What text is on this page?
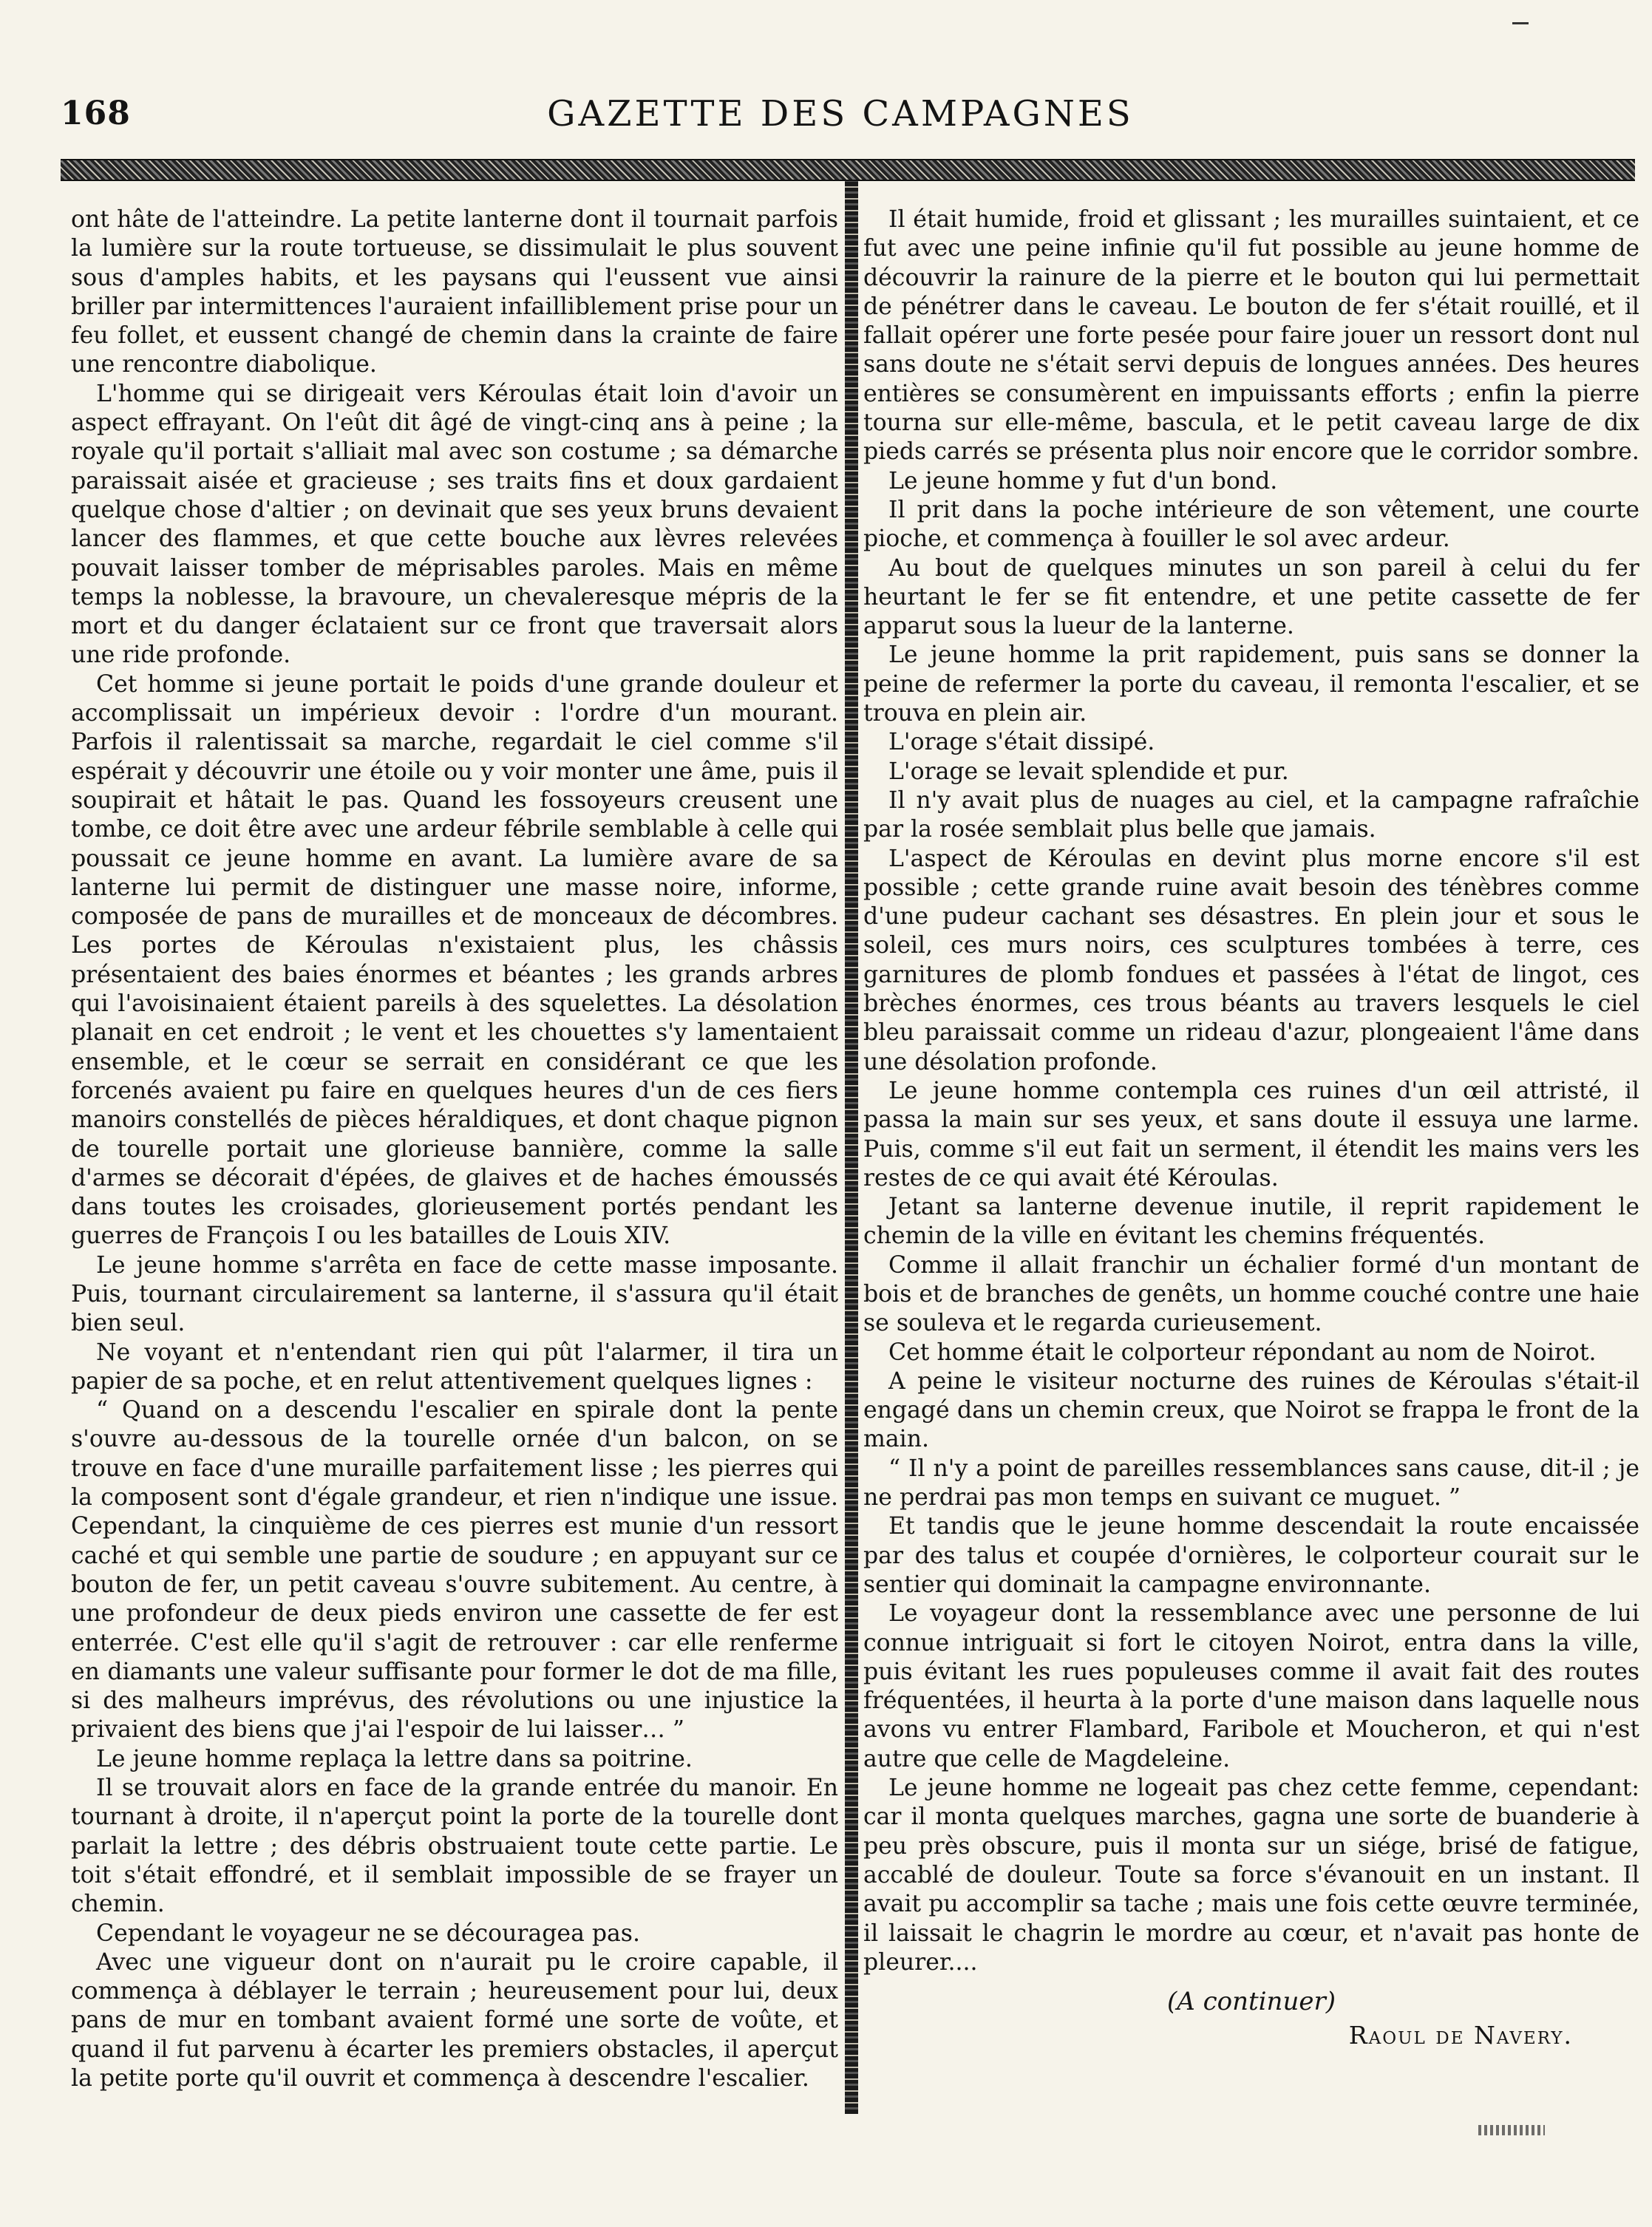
168	GAZETTE DES CAMPAGNES

ont hâte de l'atteindre. La petite lanterne dont il tournait parfois la lumière sur la route tortueuse, se dissimulait le plus souvent sous d'amples habits, et les paysans qui l'eussent vue ainsi briller par intermittences l'auraient infailliblement prise pour un feu follet, et eussent changé de chemin dans la crainte de faire une rencontre diabolique.

L'homme qui se dirigeait vers Kéroulas était loin d'avoir un aspect effrayant. On l'eût dit âgé de vingt-cinq ans à peine ; la royale qu'il portait s'alliait mal avec son costume ; sa démarche paraissait aisée et gracieuse ; ses traits fins et doux gardaient quelque chose d'altier ; on devinait que ses yeux bruns devaient lancer des flammes, et que cette bouche aux lèvres relevées pouvait laisser tomber de méprisables paroles. Mais en même temps la noblesse, la bravoure, un chevaleresque mépris de la mort et du danger éclataient sur ce front que traversait alors une ride profonde.

Cet homme si jeune portait le poids d'une grande douleur et accomplissait un impérieux devoir : l'ordre d'un mourant. Parfois il ralentissait sa marche, regardait le ciel comme s'il espérait y découvrir une étoile ou y voir monter une âme, puis il soupirait et hâtait le pas. Quand les fossoyeurs creusent une tombe, ce doit être avec une ardeur fébrile semblable à celle qui poussait ce jeune homme en avant. La lumière avare de sa lanterne lui permit de distinguer une masse noire, informe, composée de pans de murailles et de monceaux de décombres. Les portes de Kéroulas n'existaient plus, les châssis présentaient des baies énormes et béantes ; les grands arbres qui l'avoisinaient étaient pareils à des squelettes. La désolation planait en cet endroit ; le vent et les chouettes s'y lamentaient ensemble, et le cœur se serrait en considérant ce que les forcenés avaient pu faire en quelques heures d'un de ces fiers manoirs constellés de pièces héraldiques, et dont chaque pignon de tourelle portait une glorieuse bannière, comme la salle d'armes se décorait d'épées, de glaives et de haches émoussés dans toutes les croisades, glorieusement portés pendant les guerres de François I ou les batailles de Louis XIV.

Le jeune homme s'arrêta en face de cette masse imposante. Puis, tournant circulairement sa lanterne, il s'assura qu'il était bien seul.

Ne voyant et n'entendant rien qui pût l'alarmer, il tira un papier de sa poche, et en relut attentivement quelques lignes :

“ Quand on a descendu l'escalier en spirale dont la pente s'ouvre au-dessous de la tourelle ornée d'un balcon, on se trouve en face d'une muraille parfaitement lisse ; les pierres qui la composent sont d'égale grandeur, et rien n'indique une issue. Cependant, la cinquième de ces pierres est munie d'un ressort caché et qui semble une partie de soudure ; en appuyant sur ce bouton de fer, un petit caveau s'ouvre subitement. Au centre, à une profondeur de deux pieds environ une cassette de fer est enterrée. C'est elle qu'il s'agit de retrouver : car elle renferme en diamants une valeur suffisante pour former le dot de ma fille, si des malheurs imprévus, des révolutions ou une injustice la privaient des biens que j'ai l'espoir de lui laisser… ”

Le jeune homme replaça la lettre dans sa poitrine.

Il se trouvait alors en face de la grande entrée du manoir. En tournant à droite, il n'aperçut point la porte de la tourelle dont parlait la lettre ; des débris obstruaient toute cette partie. Le toit s'était effondré, et il semblait impossible de se frayer un chemin.

Cependant le voyageur ne se découragea pas.

Avec une vigueur dont on n'aurait pu le croire capable, il commença à déblayer le terrain ; heureusement pour lui, deux pans de mur en tombant avaient formé une sorte de voûte, et quand il fut parvenu à écarter les premiers obstacles, il aperçut la petite porte qu'il ouvrit et commença à descendre l'escalier.

Il était humide, froid et glissant ; les murailles suintaient, et ce fut avec une peine infinie qu'il fut possible au jeune homme de découvrir la rainure de la pierre et le bouton qui lui permettait de pénétrer dans le caveau. Le bouton de fer s'était rouillé, et il fallait opérer une forte pesée pour faire jouer un ressort dont nul sans doute ne s'était servi depuis de longues années. Des heures entières se consumèrent en impuissants efforts ; enfin la pierre tourna sur elle-même, bascula, et le petit caveau large de dix pieds carrés se présenta plus noir encore que le corridor sombre.

Le jeune homme y fut d'un bond.

Il prit dans la poche intérieure de son vêtement, une courte pioche, et commença à fouiller le sol avec ardeur.

Au bout de quelques minutes un son pareil à celui du fer heurtant le fer se fit entendre, et une petite cassette de fer apparut sous la lueur de la lanterne.

Le jeune homme la prit rapidement, puis sans se donner la peine de refermer la porte du caveau, il remonta l'escalier, et se trouva en plein air.

L'orage s'était dissipé.

L'orage se levait splendide et pur.

Il n'y avait plus de nuages au ciel, et la campagne rafraîchie par la rosée semblait plus belle que jamais.

L'aspect de Kéroulas en devint plus morne encore s'il est possible ; cette grande ruine avait besoin des ténèbres comme d'une pudeur cachant ses désastres. En plein jour et sous le soleil, ces murs noirs, ces sculptures tombées à terre, ces garnitures de plomb fondues et passées à l'état de lingot, ces brèches énormes, ces trous béants au travers lesquels le ciel bleu paraissait comme un rideau d'azur, plongeaient l'âme dans une désolation profonde.

Le jeune homme contempla ces ruines d'un œil attristé, il passa la main sur ses yeux, et sans doute il essuya une larme. Puis, comme s'il eut fait un serment, il étendit les mains vers les restes de ce qui avait été Kéroulas.

Jetant sa lanterne devenue inutile, il reprit rapidement le chemin de la ville en évitant les chemins fréquentés.

Comme il allait franchir un échalier formé d'un montant de bois et de branches de genêts, un homme couché contre une haie se souleva et le regarda curieusement.

Cet homme était le colporteur répondant au nom de Noirot.

A peine le visiteur nocturne des ruines de Kéroulas s'était-il engagé dans un chemin creux, que Noirot se frappa le front de la main.

“ Il n'y a point de pareilles ressemblances sans cause, dit-il ; je ne perdrai pas mon temps en suivant ce muguet. ”

Et tandis que le jeune homme descendait la route encaissée par des talus et coupée d'ornières, le colporteur courait sur le sentier qui dominait la campagne environnante.

Le voyageur dont la ressemblance avec une personne de lui connue intriguait si fort le citoyen Noirot, entra dans la ville, puis évitant les rues populeuses comme il avait fait des routes fréquentées, il heurta à la porte d'une maison dans laquelle nous avons vu entrer Flambard, Faribole et Moucheron, et qui n'est autre que celle de Magdeleine.

Le jeune homme ne logeait pas chez cette femme, cependant: car il monta quelques marches, gagna une sorte de buanderie à peu près obscure, puis il monta sur un siége, brisé de fatigue, accablé de douleur. Toute sa force s'évanouit en un instant. Il avait pu accomplir sa tache ; mais une fois cette œuvre terminée, il laissait le chagrin le mordre au cœur, et n'avait pas honte de pleurer....

(A continuer)
Raoul de Navery.
